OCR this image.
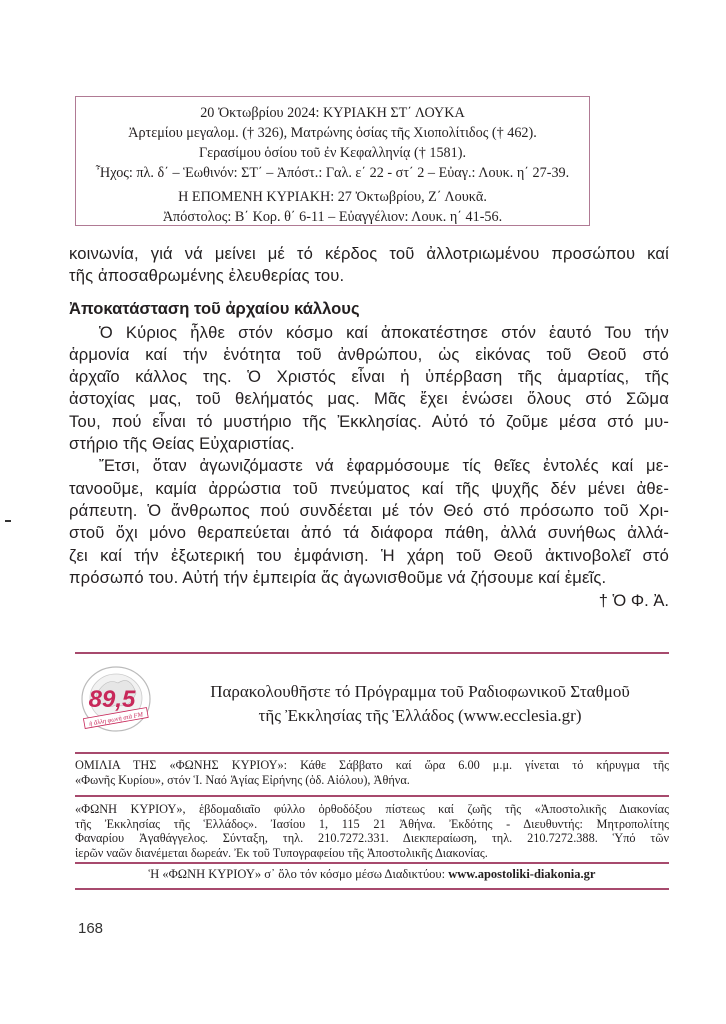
20 Ὀκτωβρίου 2024: ΚΥΡΙΑΚΗ ΣΤ΄ ΛΟΥΚΑ
Ἀρτεμίου μεγαλομ. († 326), Ματρώνης ὁσίας τῆς Χιοπολίτιδος († 462).
Γερασίμου ὁσίου τοῦ ἐν Κεφαλληνίᾳ († 1581).
Ἦχος: πλ. δ΄ – Ἑωθινόν: ΣΤ΄ – Ἀπόστ.: Γαλ. ε΄ 22 - στ΄ 2 – Εὐαγ.: Λουκ. η΄ 27-39.
Η ΕΠΟΜΕΝΗ ΚΥΡΙΑΚΗ: 27 Ὀκτωβρίου, Ζ΄ Λουκᾶ.
Ἀπόστολος: Β΄ Κορ. θ΄ 6-11 – Εὐαγγέλιον: Λουκ. η΄ 41-56.

κοινωνία, γιά νά μείνει μέ τό κέρδος τοῦ ἀλλοτριωμένου προσώπου καί
τῆς ἀποσαθρωμένης ἐλευθερίας του.

Ἀποκατάσταση τοῦ ἀρχαίου κάλλους

Ὁ Κύριος ἦλθε στόν κόσμο καί ἀποκατέστησε στόν ἑαυτό Του τήν
ἁρμονία καί τήν ἑνότητα τοῦ ἀνθρώπου, ὡς εἰκόνας τοῦ Θεοῦ στό
ἀρχαῖο κάλλος της. Ὁ Χριστός εἶναι ἡ ὑπέρβαση τῆς ἁμαρτίας, τῆς
ἀστοχίας μας, τοῦ θελήματός μας. Μᾶς ἔχει ἑνώσει ὅλους στό Σῶμα
Του, πού εἶναι τό μυστήριο τῆς Ἐκκλησίας. Αὐτό τό ζοῦμε μέσα στό μυ-
στήριο τῆς Θείας Εὐχαριστίας.

Ἔτσι, ὅταν ἀγωνιζόμαστε νά ἐφαρμόσουμε τίς θεῖες ἐντολές καί με-
τανοοῦμε, καμία ἀρρώστια τοῦ πνεύματος καί τῆς ψυχῆς δέν μένει ἀθε-
ράπευτη. Ὁ ἄνθρωπος πού συνδέεται μέ τόν Θεό στό πρόσωπο τοῦ Χρι-
στοῦ ὄχι μόνο θεραπεύεται ἀπό τά διάφορα πάθη, ἀλλά συνήθως ἀλλά-
ζει καί τήν ἐξωτερική του ἐμφάνιση. Ἡ χάρη τοῦ Θεοῦ ἀκτινοβολεῖ στό
πρόσωπό του. Αὐτή τήν ἐμπειρία ἅς ἀγωνισθοῦμε νά ζήσουμε καί ἐμεῖς.

† Ὁ Φ. Ἀ.
89,5
ἡ ἄλλη φωνὴ στὰ FM
Παρακολουθῆστε τό Πρόγραμμα τοῦ Ραδιοφωνικοῦ Σταθμοῦ
τῆς Ἐκκλησίας τῆς Ἑλλάδος (www.ecclesia.gr)
ΟΜΙΛΙΑ ΤΗΣ «ΦΩΝΗΣ ΚΥΡΙΟΥ»: Κάθε Σάββατο καί ὥρα 6.00 μ.μ. γίνεται τό κήρυγμα τῆς
«Φωνῆς Κυρίου», στόν Ἱ. Ναό Ἁγίας Εἰρήνης (ὁδ. Αἰόλου), Ἀθήνα.
«ΦΩΝΗ ΚΥΡΙΟΥ», ἑβδομαδιαῖο φύλλο ὀρθοδόξου πίστεως καί ζωῆς τῆς «Ἀποστολικῆς Διακονίας
τῆς Ἐκκλησίας τῆς Ἑλλάδος». Ἰασίου 1, 115 21 Ἀθήνα. Ἐκδότης - Διευθυντής: Μητροπολίτης
Φαναρίου Ἀγαθάγγελος. Σύνταξη, τηλ. 210.7272.331. Διεκπεραίωση, τηλ. 210.7272.388. Ὑπό τῶν
ἱερῶν ναῶν διανέμεται δωρεάν. Ἐκ τοῦ Τυπογραφείου τῆς Ἀποστολικῆς Διακονίας.
Ἡ «ΦΩΝΗ ΚΥΡΙΟΥ» σ᾽ ὅλο τόν κόσμο μέσω Διαδικτύου: www.apostoliki-diakonia.gr
168
